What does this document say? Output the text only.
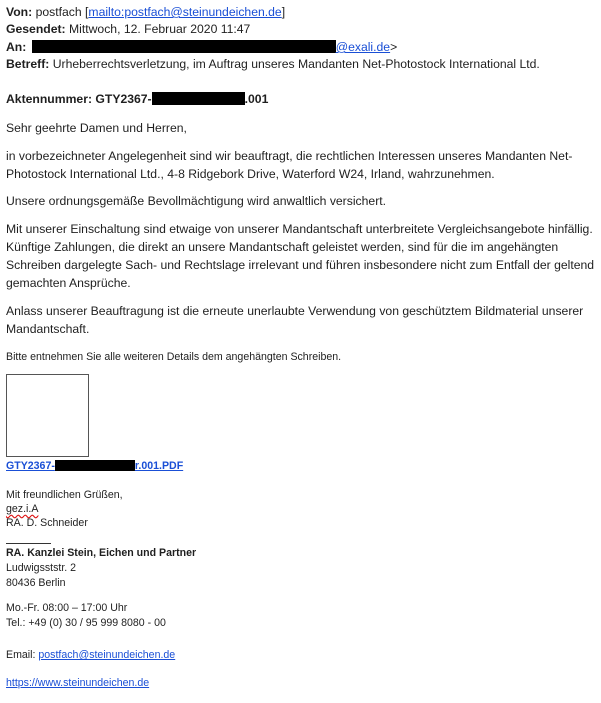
Von: postfach [mailto:postfach@steinundeichen.de]
Gesendet: Mittwoch, 12. Februar 2020 11:47
An:	@exali.de>
Betreff: Urheberrechtsverletzung, im Auftrag unseres Mandanten Net-Photostock International Ltd.
Aktennummer: GTY2367-	.001
Sehr geehrte Damen und Herren,
in vorbezeichneter Angelegenheit sind wir beauftragt, die rechtlichen Interessen unseres Mandanten Net-Photostock International Ltd., 4-8 Ridgebork Drive, Waterford W24, Irland, wahrzunehmen.
Unsere ordnungsgemäße Bevollmächtigung wird anwaltlich versichert.
Mit unserer Einschaltung sind etwaige von unserer Mandantschaft unterbreitete Vergleichsangebote hinfällig. Künftige Zahlungen, die direkt an unsere Mandantschaft geleistet werden, sind für die im angehängten Schreiben dargelegte Sach- und Rechtslage irrelevant und führen insbesondere nicht zum Entfall der geltend gemachten Ansprüche.
Anlass unserer Beauftragung ist die erneute unerlaubte Verwendung von geschütztem Bildmaterial unserer Mandantschaft.
Bitte entnehmen Sie alle weiteren Details dem angehängten Schreiben.
GTY2367-	r.001.PDF
Mit freundlichen Grüßen,
gez.i.A
RA. D. Schneider
RA. Kanzlei Stein, Eichen und Partner
Ludwigsststr. 2
80436 Berlin
Mo.-Fr. 08:00 – 17:00 Uhr
Tel.: +49 (0) 30 / 95 999 8080 - 00
Email: postfach@steinundeichen.de
https://www.steinundeichen.de
